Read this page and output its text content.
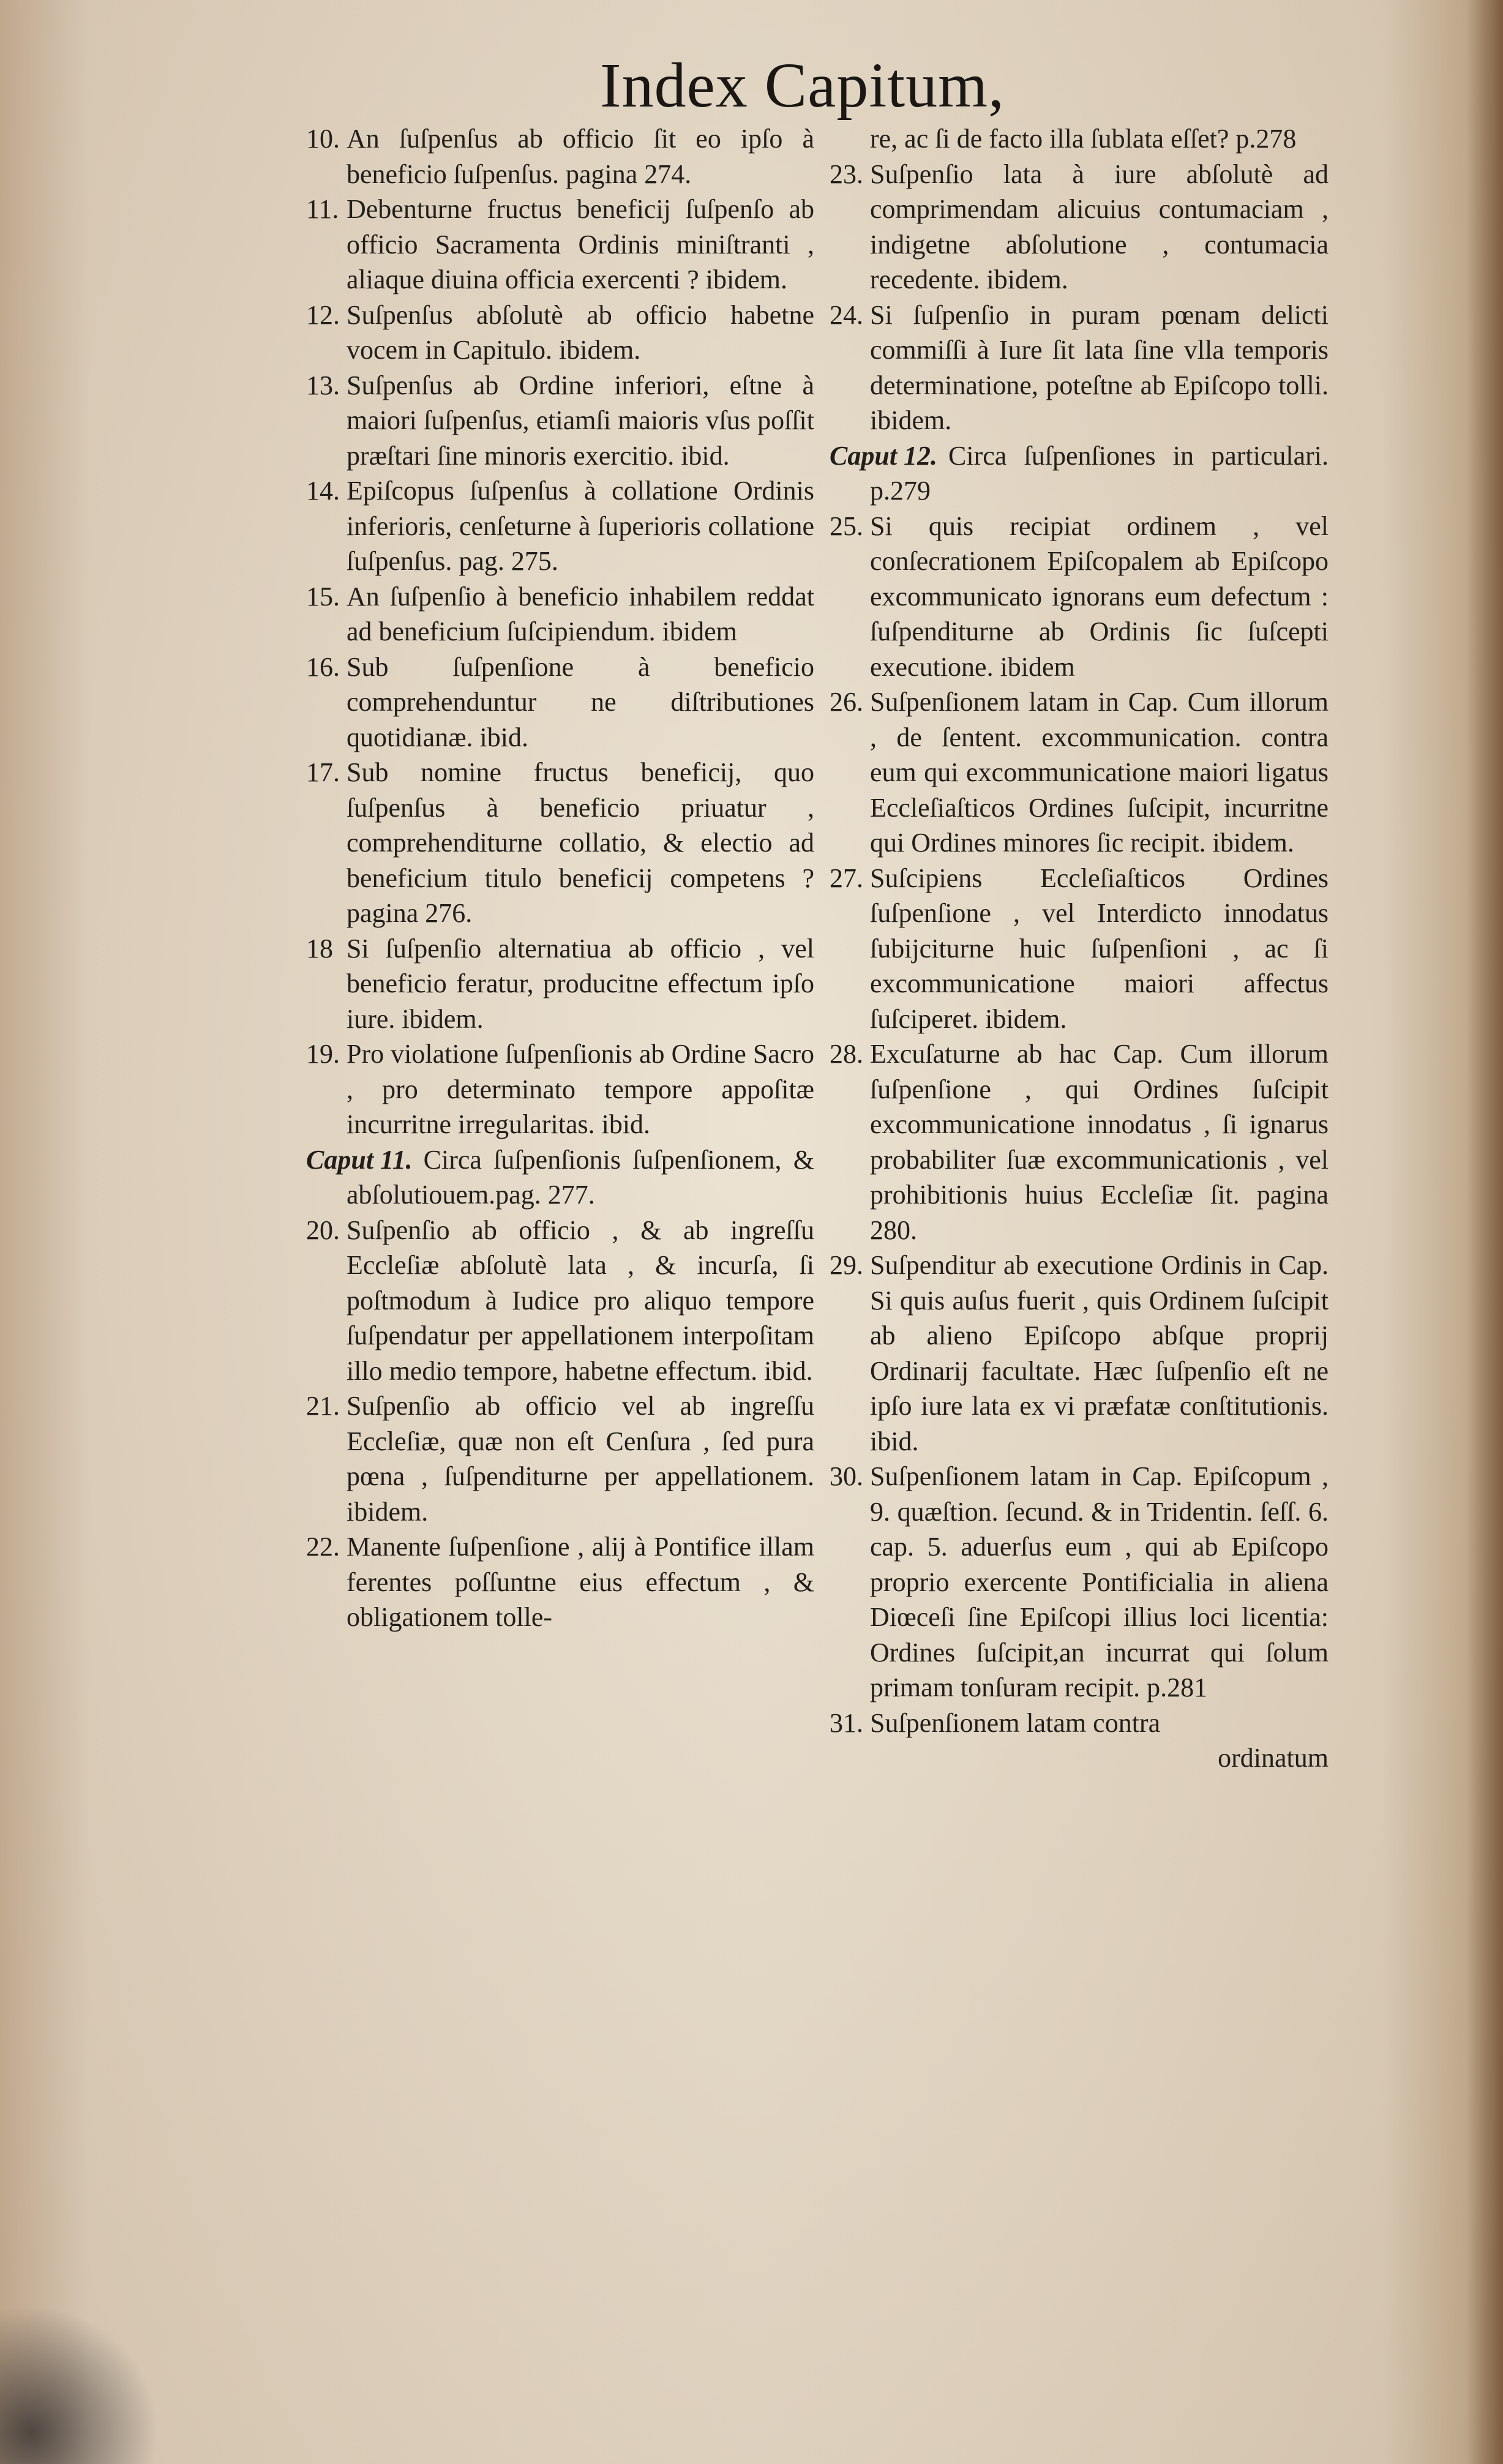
Index Capitum,
10. An ſuſpenſus ab officio ſit eo ipſo à beneficio ſuſpenſus. pagina 274.
11. Debenturne fructus beneficij ſuſpenſo ab officio Sacramenta Ordinis miniſtranti , aliaque diuina officia exercenti ? ibidem.
12. Suſpenſus abſolutè ab officio habetne vocem in Capitulo. ibidem.
13. Suſpenſus ab Ordine inferiori, eſtne à maiori ſuſpenſus, etiamſi maioris vſus poſſit præſtari ſine minoris exercitio. ibid.
14. Epiſcopus ſuſpenſus à collatione Ordinis inferioris, cenſeturne à ſuperioris collatione ſuſpenſus. pag. 275.
15. An ſuſpenſio à beneficio inhabilem reddat ad beneficium ſuſcipiendum. ibidem
16. Sub ſuſpenſione à beneficio comprehenduntur ne diſtributiones quotidianæ. ibid.
17. Sub nomine fructus beneficij, quo ſuſpenſus à beneficio priuatur , comprehenditurne collatio, & electio ad beneficium titulo beneficij competens ? pagina 276.
18 Si ſuſpenſio alternatiua ab officio , vel beneficio feratur, producitne effectum ipſo iure. ibidem.
19. Pro violatione ſuſpenſionis ab Ordine Sacro , pro determinato tempore appoſitæ incurritne irregularitas. ibid.
Caput 11. Circa ſuſpenſionis ſuſpenſionem, & abſolutiouem.pag. 277.
20. Suſpenſio ab officio , & ab ingreſſu Eccleſiæ abſolutè lata , & incurſa, ſi poſtmodum à Iudice pro aliquo tempore ſuſpendatur per appellationem interpoſitam illo medio tempore, habetne effectum. ibid.
21. Suſpenſio ab officio vel ab ingreſſu Eccleſiæ, quæ non eſt Cenſura , ſed pura pœna , ſuſpenditurne per appellationem. ibidem.
22. Manente ſuſpenſione , alij à Pontifice illam ferentes poſſuntne eius effectum , & obligationem tolle-
re, ac ſi de facto illa ſublata eſſet? p.278
23. Suſpenſio lata à iure abſolutè ad comprimendam alicuius contumaciam , indigetne abſolutione , contumacia recedente. ibidem.
24. Si ſuſpenſio in puram pœnam delicti commiſſi à Iure ſit lata ſine vlla temporis determinatione, poteſtne ab Epiſcopo tolli. ibidem.
Caput 12. Circa ſuſpenſiones in particulari. p.279
25. Si quis recipiat ordinem , vel conſecrationem Epiſcopalem ab Epiſcopo excommunicato ignorans eum defectum : ſuſpenditurne ab Ordinis ſic ſuſcepti executione. ibidem
26. Suſpenſionem latam in Cap. Cum illorum , de ſentent. excommunication. contra eum qui excommunicatione maiori ligatus Eccleſiaſticos Ordines ſuſcipit, incurritne qui Ordines minores ſic recipit. ibidem.
27. Suſcipiens Eccleſiaſticos Ordines ſuſpenſione , vel Interdicto innodatus ſubijciturne huic ſuſpenſioni , ac ſi excommunicatione maiori affectus ſuſciperet. ibidem.
28. Excuſaturne ab hac Cap. Cum illorum ſuſpenſione , qui Ordines ſuſcipit excommunicatione innodatus , ſi ignarus probabiliter ſuæ excommunicationis , vel prohibitionis huius Eccleſiæ ſit. pagina 280.
29. Suſpenditur ab executione Ordinis in Cap. Si quis auſus fuerit , quis Ordinem ſuſcipit ab alieno Epiſcopo abſque proprij Ordinarij facultate. Hæc ſuſpenſio eſt ne ipſo iure lata ex vi præfatæ conſtitutionis. ibid.
30. Suſpenſionem latam in Cap. Epiſcopum , 9. quæſtion. ſecund. & in Tridentin. ſeſſ. 6. cap. 5. aduerſus eum , qui ab Epiſcopo proprio exercente Pontificialia in aliena Diœceſi ſine Epiſcopi illius loci licentia: Ordines ſuſcipit,an incurrat qui ſolum primam tonſuram recipit. p.281
31. Suſpenſionem latam contra
ordinatum
